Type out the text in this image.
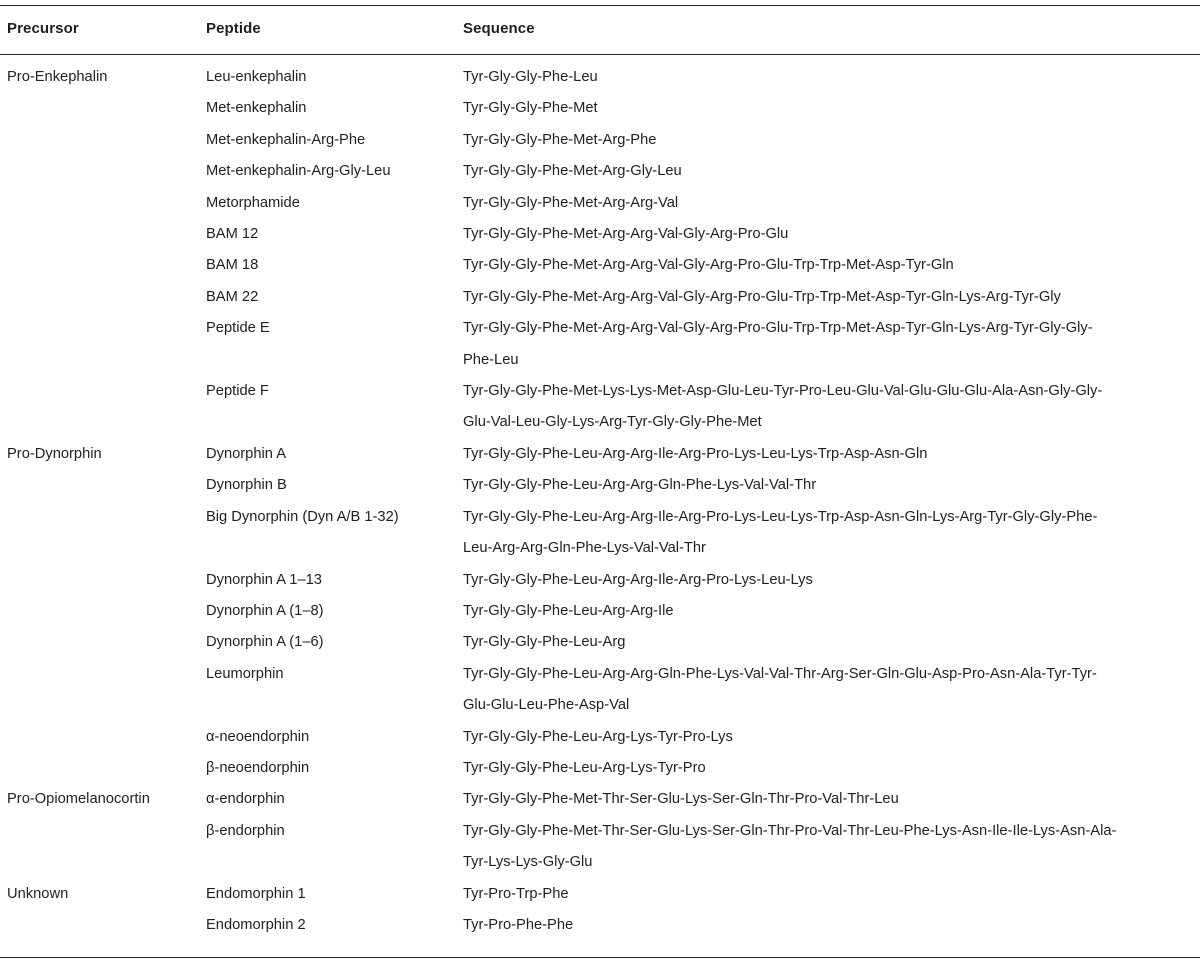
Precursor	Peptide	Sequence
Pro-Enkephalin	Leu-enkephalin	Tyr-Gly-Gly-Phe-Leu

	Met-enkephalin	Tyr-Gly-Gly-Phe-Met

	Met-enkephalin-Arg-Phe	Tyr-Gly-Gly-Phe-Met-Arg-Phe

	Met-enkephalin-Arg-Gly-Leu	Tyr-Gly-Gly-Phe-Met-Arg-Gly-Leu

	Metorphamide	Tyr-Gly-Gly-Phe-Met-Arg-Arg-Val

	BAM 12	Tyr-Gly-Gly-Phe-Met-Arg-Arg-Val-Gly-Arg-Pro-Glu

	BAM 18	Tyr-Gly-Gly-Phe-Met-Arg-Arg-Val-Gly-Arg-Pro-Glu-Trp-Trp-Met-Asp-Tyr-Gln

	BAM 22	Tyr-Gly-Gly-Phe-Met-Arg-Arg-Val-Gly-Arg-Pro-Glu-Trp-Trp-Met-Asp-Tyr-Gln-Lys-Arg-Tyr-Gly

	Peptide E	Tyr-Gly-Gly-Phe-Met-Arg-Arg-Val-Gly-Arg-Pro-Glu-Trp-Trp-Met-Asp-Tyr-Gln-Lys-Arg-Tyr-Gly-Gly-
Phe-Leu

	Peptide F	Tyr-Gly-Gly-Phe-Met-Lys-Lys-Met-Asp-Glu-Leu-Tyr-Pro-Leu-Glu-Val-Glu-Glu-Glu-Ala-Asn-Gly-Gly-
Glu-Val-Leu-Gly-Lys-Arg-Tyr-Gly-Gly-Phe-Met

Pro-Dynorphin	Dynorphin A	Tyr-Gly-Gly-Phe-Leu-Arg-Arg-Ile-Arg-Pro-Lys-Leu-Lys-Trp-Asp-Asn-Gln

	Dynorphin B	Tyr-Gly-Gly-Phe-Leu-Arg-Arg-Gln-Phe-Lys-Val-Val-Thr

	Big Dynorphin (Dyn A/B 1-32)	Tyr-Gly-Gly-Phe-Leu-Arg-Arg-Ile-Arg-Pro-Lys-Leu-Lys-Trp-Asp-Asn-Gln-Lys-Arg-Tyr-Gly-Gly-Phe-
Leu-Arg-Arg-Gln-Phe-Lys-Val-Val-Thr

	Dynorphin A 1–13	Tyr-Gly-Gly-Phe-Leu-Arg-Arg-Ile-Arg-Pro-Lys-Leu-Lys

	Dynorphin A (1–8)	Tyr-Gly-Gly-Phe-Leu-Arg-Arg-Ile

	Dynorphin A (1–6)	Tyr-Gly-Gly-Phe-Leu-Arg

	Leumorphin	Tyr-Gly-Gly-Phe-Leu-Arg-Arg-Gln-Phe-Lys-Val-Val-Thr-Arg-Ser-Gln-Glu-Asp-Pro-Asn-Ala-Tyr-Tyr-
Glu-Glu-Leu-Phe-Asp-Val

	α-neoendorphin	Tyr-Gly-Gly-Phe-Leu-Arg-Lys-Tyr-Pro-Lys

	β-neoendorphin	Tyr-Gly-Gly-Phe-Leu-Arg-Lys-Tyr-Pro

Pro-Opiomelanocortin	α-endorphin	Tyr-Gly-Gly-Phe-Met-Thr-Ser-Glu-Lys-Ser-Gln-Thr-Pro-Val-Thr-Leu

	β-endorphin	Tyr-Gly-Gly-Phe-Met-Thr-Ser-Glu-Lys-Ser-Gln-Thr-Pro-Val-Thr-Leu-Phe-Lys-Asn-Ile-Ile-Lys-Asn-Ala-
Tyr-Lys-Lys-Gly-Glu

Unknown	Endomorphin 1	Tyr-Pro-Trp-Phe

	Endomorphin 2	Tyr-Pro-Phe-Phe
